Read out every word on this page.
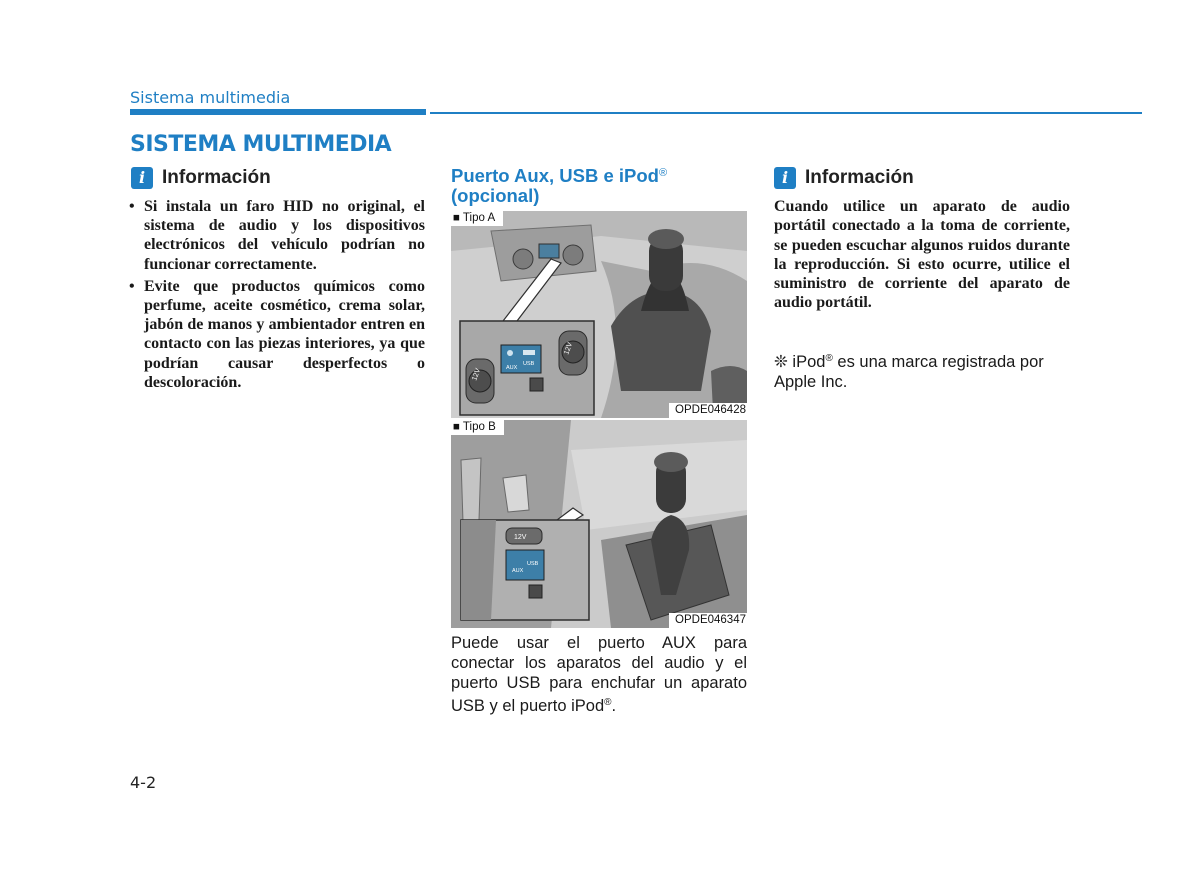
Sistema multimedia
SISTEMA MULTIMEDIA
i Información
• Si instala un faro HID no original, el sistema de audio y los dispositivos electrónicos del vehículo podrían no funcionar correctamente.
• Evite que productos químicos como perfume, aceite cosmético, crema solar, jabón de manos y ambientador entren en contacto con las piezas interiores, ya que podrían causar desperfectos o descoloración.
Puerto Aux, USB e iPod®
(opcional)
12V
12V
AUX
USB
■ Tipo A
OPDE046428
12V
AUX
USB
■ Tipo B
OPDE046347
Puede usar el puerto AUX para conectar los aparatos del audio y el puerto USB para enchufar un aparato USB y el puerto iPod®.
i Información
Cuando utilice un aparato de audio portátil conectado a la toma de corriente, se pueden escuchar algunos ruidos durante la reproducción. Si esto ocurre, utilice el suministro de corriente del aparato de audio portátil.
❊ iPod® es una marca registrada por Apple Inc.
4-2
